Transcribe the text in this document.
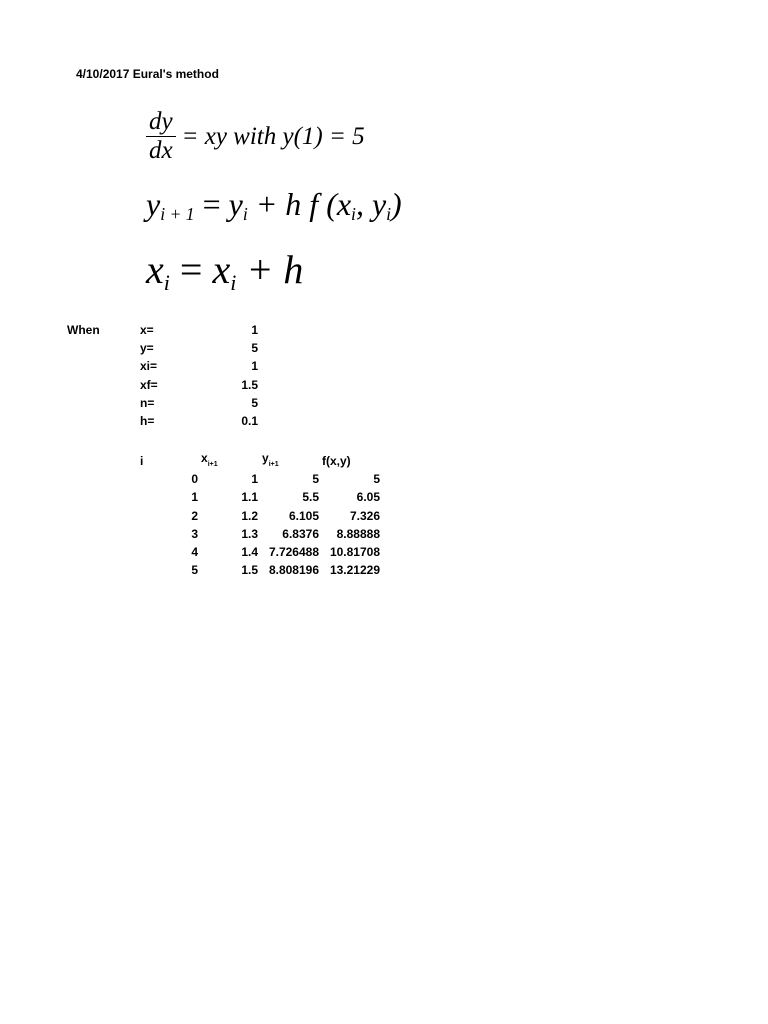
4/10/2017 Eural's method
$\frac{dy}{dx}$ = xy with y(1) = 5
yi + 1 = yi + h f (xi, yi)
xi = xi + h
When	x=	1
y=	5
xi=	1
xf=	1.5
n=	5
h=	0.1
i	$x_{i+1}$	$y_{i+1}$	f(x,y)
0	1	5	5
1	1.1	5.5	6.05
2	1.2	6.105	7.326
3	1.3 6.8376 8.88888
4	1.4 7.726488 10.81708
5	1.5 8.808196 13.21229
